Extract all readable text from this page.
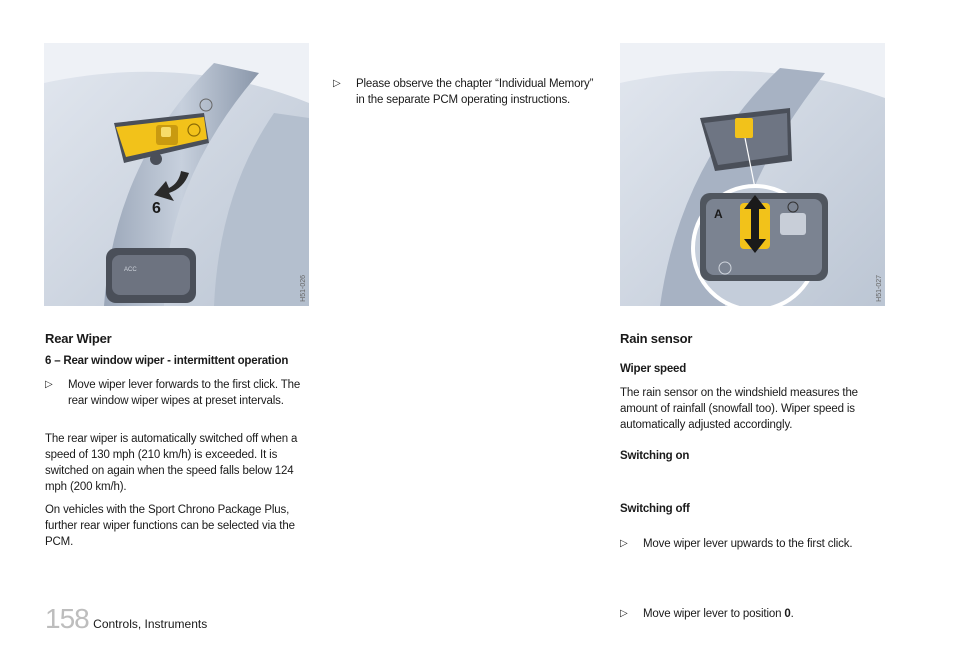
ACC
6
H51-026
A
H51-027
Rear Wiper
6 – Rear window wiper - intermittent operation
▷ Move wiper lever forwards to the first click. The rear window wiper wipes at preset intervals.
The rear wiper is automatically switched off when a speed of 130 mph (210 km/h) is exceeded. It is switched on again when the speed falls below 124 mph (200 km/h).
On vehicles with the Sport Chrono Package Plus, further rear wiper functions can be selected via the PCM.
▷ Please observe the chapter “Individual Memory” in the separate PCM operating instructions.
Rain sensor
Wiper speed
The rain sensor on the windshield measures the amount of rainfall (snowfall too). Wiper speed is automatically adjusted accordingly.
Switching on
▷ Move wiper lever upwards to the first click.
Switching off
▷ Move wiper lever to position 0.
158 Controls, Instruments
